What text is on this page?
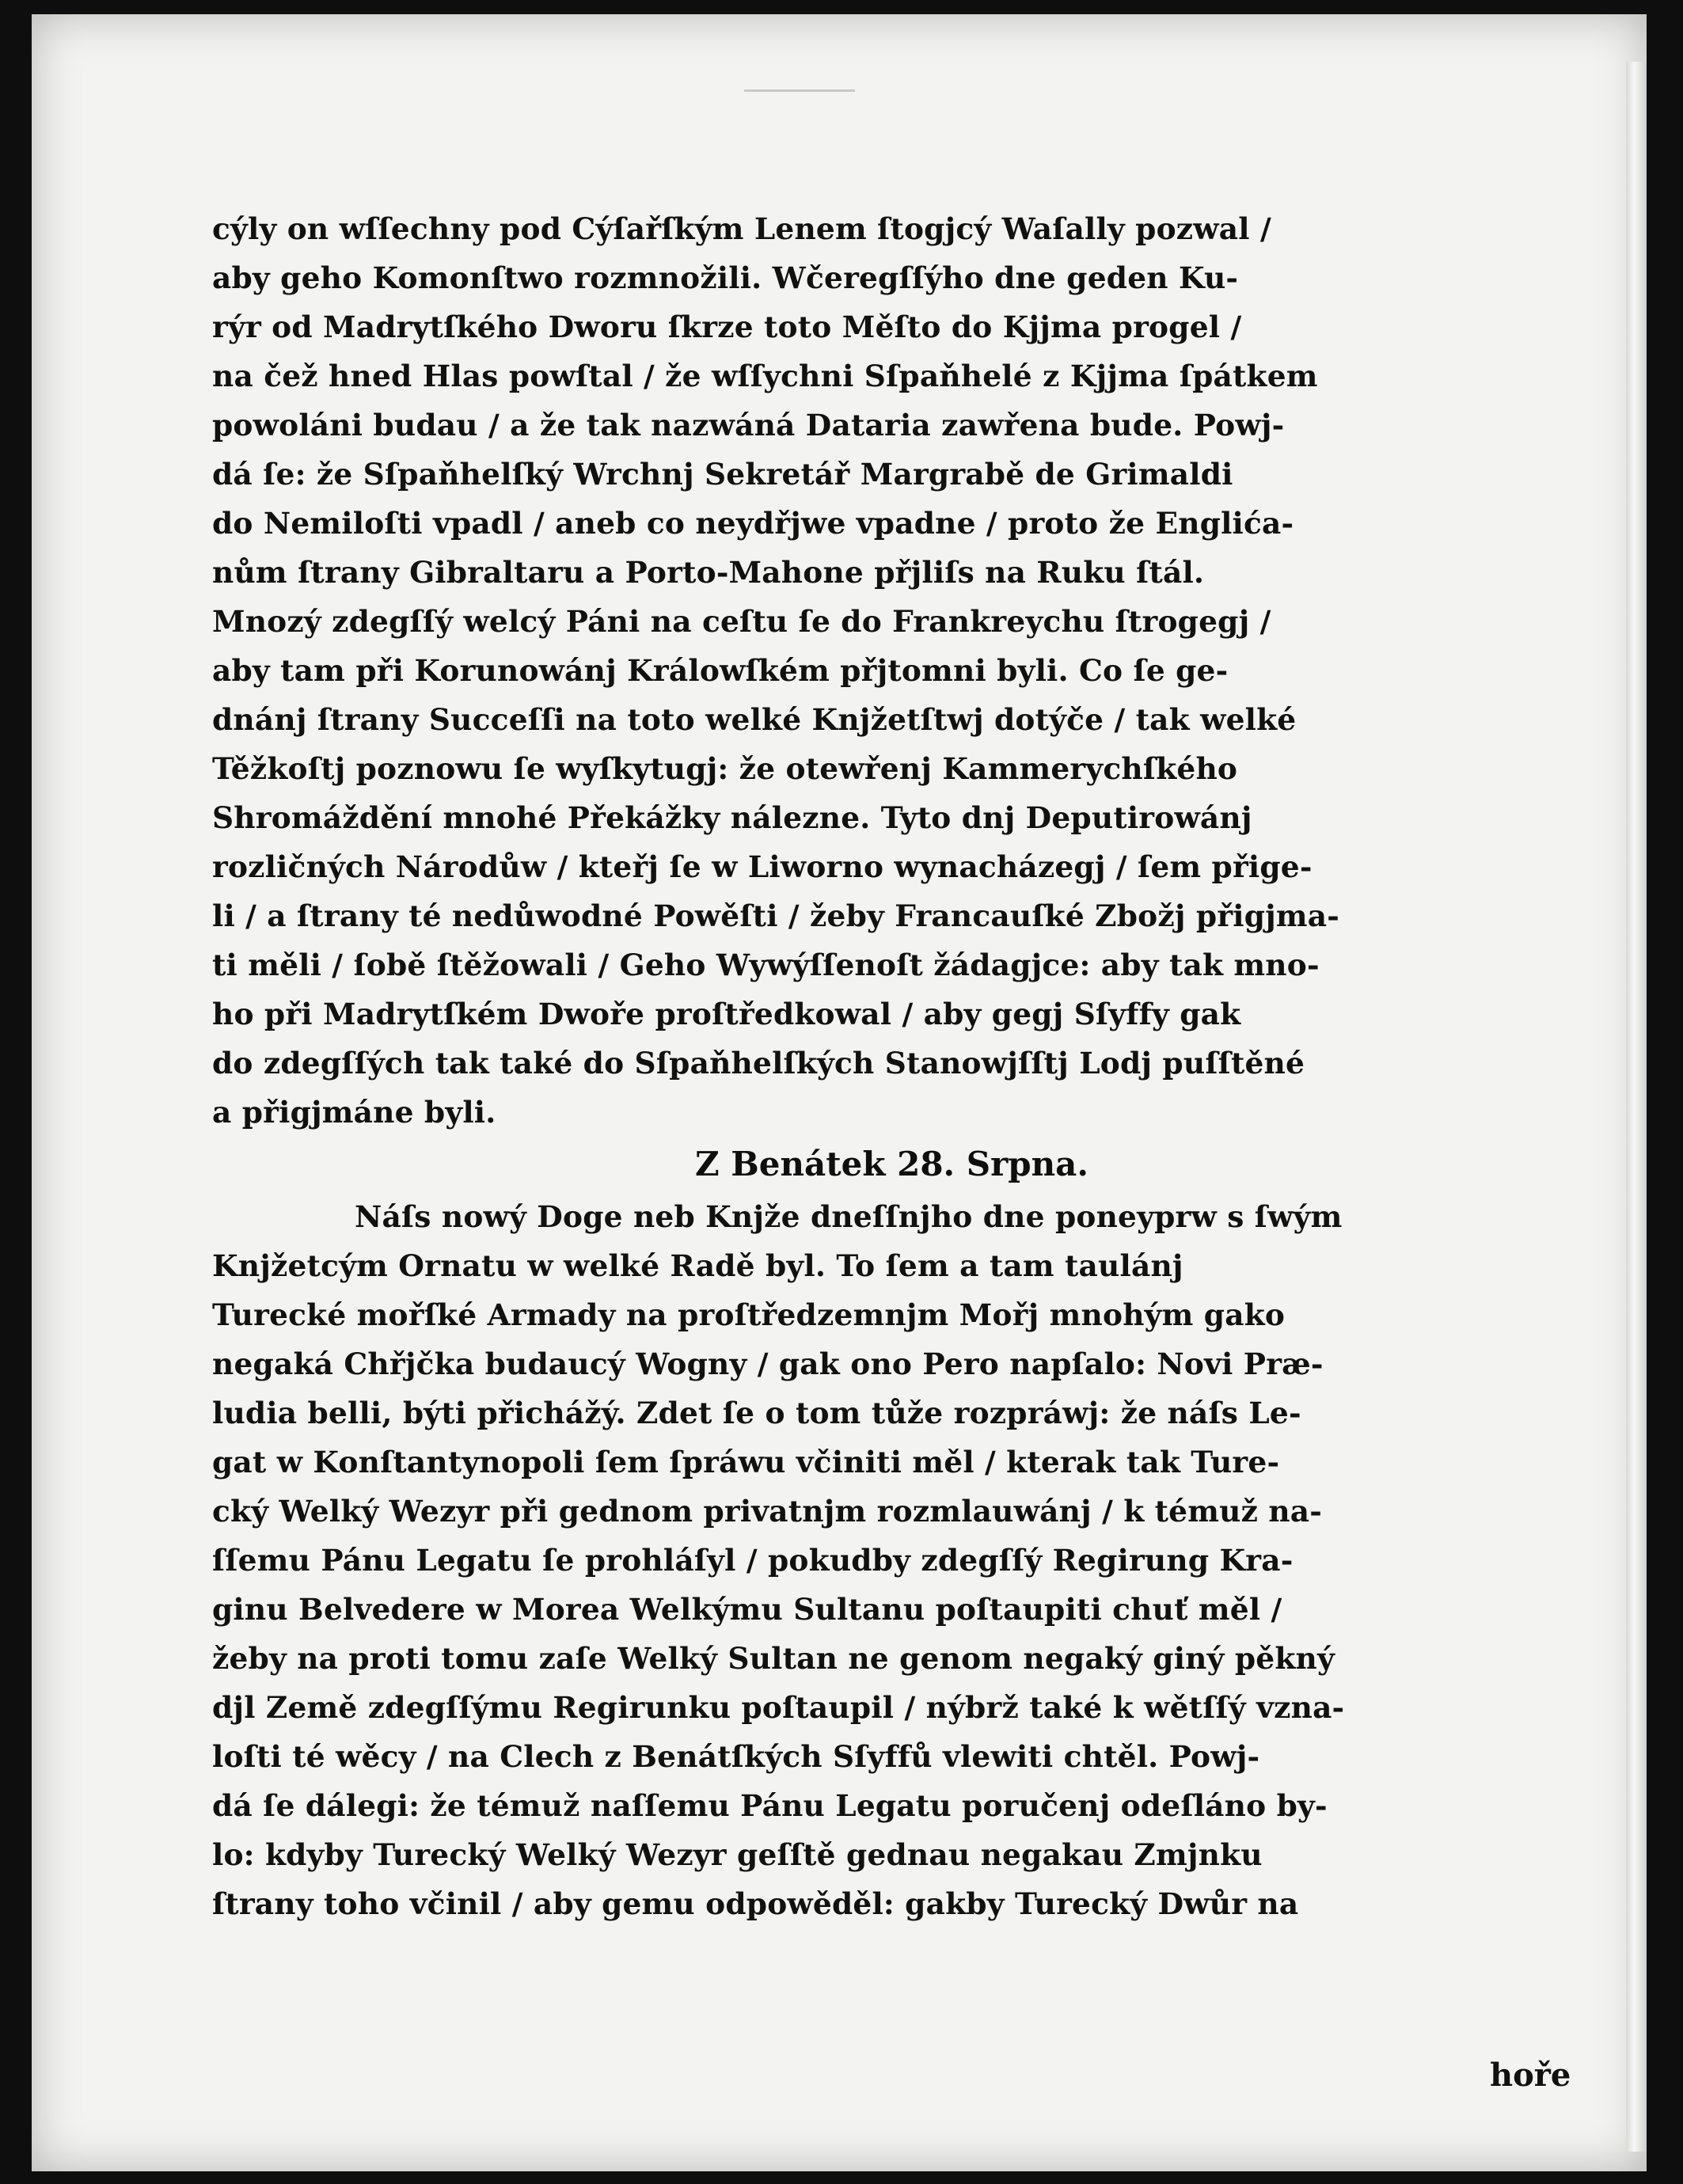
cýly on wſſechny pod Cýſařſkým Lenem ſtogjcý Waſally pozwal /
aby geho Komonſtwo rozmnožili. Wčeregſſýho dne geden Ku-
rýr od Madrytſkého Dworu ſkrze toto Měſto do Kjjma progel /
na čež hned Hlas powſtal / že wſſychni Sſpaňhelé z Kjjma ſpátkem
powoláni budau / a že tak nazwáná Dataria zawřena bude. Powj-
dá ſe: že Sſpaňhelſký Wrchnj Sekretář Margrabě de Grimaldi
do Nemiloſti vpadl / aneb co neydřjwe vpadne / proto že Englića-
nům ſtrany Gibraltaru a Porto-Mahone přjliſs na Ruku ſtál.
Mnozý zdegſſý welcý Páni na ceſtu ſe do Frankreychu ſtrogegj /
aby tam při Korunowánj Králowſkém přjtomni byli. Co ſe ge-
dnánj ſtrany Succeſſi na toto welké Knjžetſtwj dotýče / tak welké
Těžkoſtj poznowu ſe wyſkytugj: že otewřenj Kammerychſkého
Shromáždění mnohé Překážky nálezne. Tyto dnj Deputirowánj
rozličných Národůw / kteřj ſe w Liworno wynacházegj / ſem přige-
li / a ſtrany té nedůwodné Powěſti / žeby Francauſké Zbožj přigjma-
ti měli / ſobě ſtěžowali / Geho Wywýſſenoſt žádagjce: aby tak mno-
ho při Madrytſkém Dwořе proſtředkowal / aby gegj Sſyffy gak
do zdegſſých tak také do Sſpaňhelſkých Stanowjſſtj Lodj puſſtěné
a přigjmáne byli.
Z Benátek 28. Srpna.
Náſs nowý Doge neb Knjže dneſſnjho dne poneyprw s ſwým
Knjžetcým Ornatu w welké Radě byl. To ſem a tam taulánj
Turecké mořſké Armady na proſtředzemnjm Mořj mnohým gako
negaká Chřjčka budaucý Wogny / gak ono Pero napſalo: Novi Præ-
ludia belli, býti přichážý. Zdet ſe o tom tůže rozpráwj: že náſs Le-
gat w Konſtantynopoli ſem ſpráwu včiniti měl / kterak tak Ture-
cký Welký Wezyr při gednom privatnjm rozmlauwánj / k témuž na-
ſſemu Pánu Legatu ſe prohláſyl / pokudby zdegſſý Regirung Kra-
ginu Belvedere w Morea Welkýmu Sultanu poſtaupiti chuť měl /
žeby na proti tomu zaſe Welký Sultan ne genom negaký giný pěkný
djl Země zdegſſýmu Regirunku poſtaupil / nýbrž také k wětſſý vzna-
loſti té wěcy / na Clech z Benátſkých Sſyffů vlewiti chtěl. Powj-
dá ſe dálegi: že témuž naſſemu Pánu Legatu poručenj odeſláno by-
lo: kdyby Turecký Welký Wezyr geſſtě gednau negakau Zmjnku
ſtrany toho včinil / aby gemu odpowěděl: gakby Turecký Dwůr na
hoře
